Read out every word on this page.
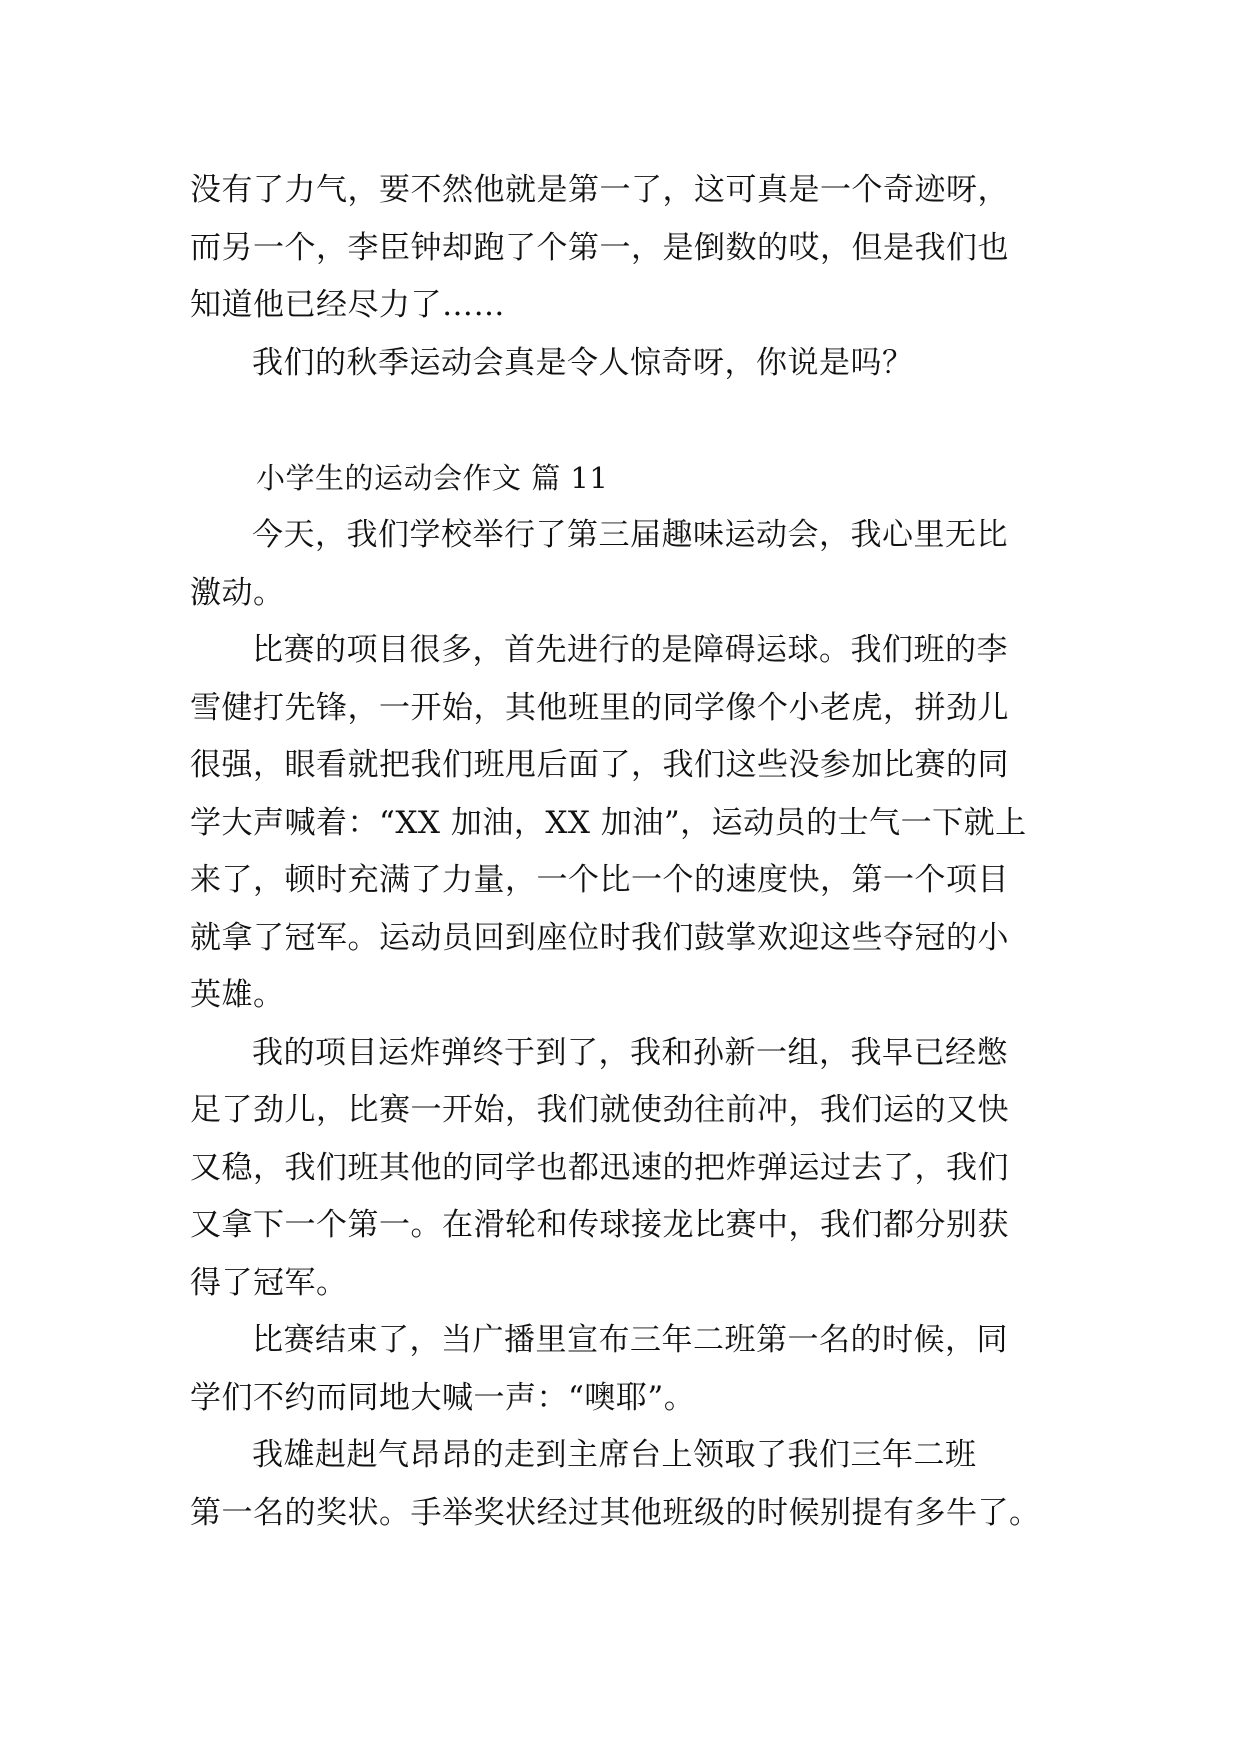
没有了力气，要不然他就是第一了，这可真是一个奇迹呀，
而另一个，李臣钟却跑了个第一，是倒数的哎，但是我们也
知道他已经尽力了……
我们的秋季运动会真是令人惊奇呀，你说是吗？
小学生的运动会作文 篇 11
今天，我们学校举行了第三届趣味运动会，我心里无比
激动。
比赛的项目很多，首先进行的是障碍运球。我们班的李
雪健打先锋，一开始，其他班里的同学像个小老虎，拼劲儿
很强，眼看就把我们班甩后面了，我们这些没参加比赛的同
学大声喊着：“XX 加油，XX 加油”，运动员的士气一下就上
来了，顿时充满了力量，一个比一个的速度快，第一个项目
就拿了冠军。运动员回到座位时我们鼓掌欢迎这些夺冠的小
英雄。
我的项目运炸弹终于到了，我和孙新一组，我早已经憋
足了劲儿，比赛一开始，我们就使劲往前冲，我们运的又快
又稳，我们班其他的同学也都迅速的把炸弹运过去了，我们
又拿下一个第一。在滑轮和传球接龙比赛中，我们都分别获
得了冠军。
比赛结束了，当广播里宣布三年二班第一名的时候，同
学们不约而同地大喊一声：“噢耶”。
我雄赳赳气昂昂的走到主席台上领取了我们三年二班
第一名的奖状。手举奖状经过其他班级的时候别提有多牛了。
